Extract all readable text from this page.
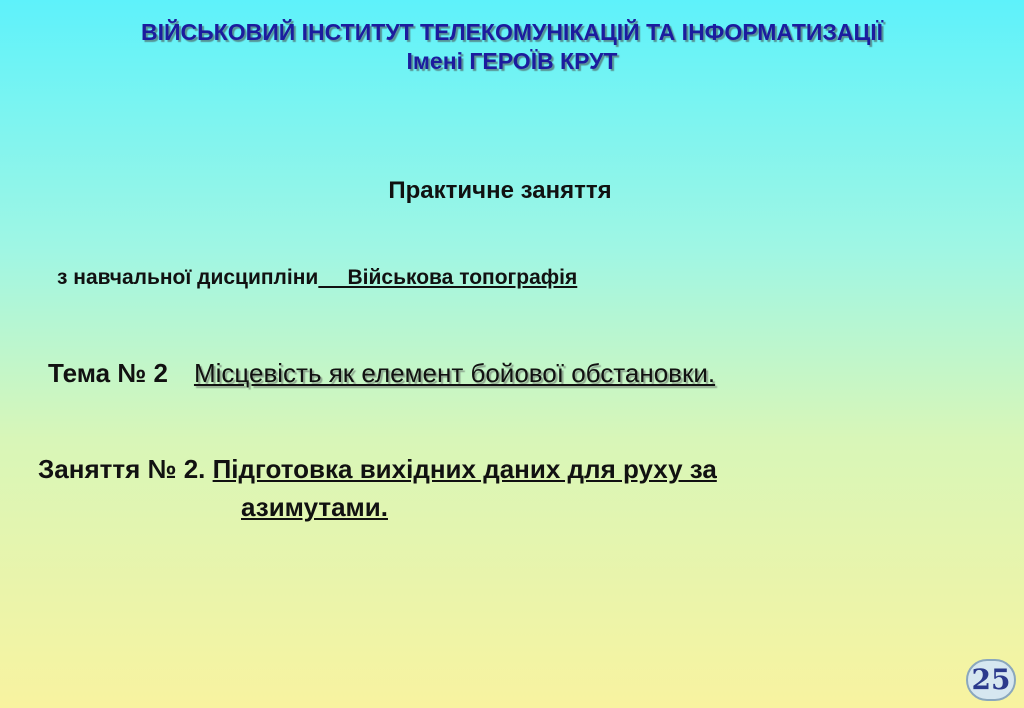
ВІЙСЬКОВИЙ ІНСТИТУТ ТЕЛЕКОМУНІКАЦІЙ ТА ІНФОРМАТИЗАЦІЇ
Імені ГЕРОЇВ КРУТ
Практичне заняття
з навчальної дисципліни     Військова топографія
Тема № 2 Місцевість як елемент бойової обстановки.
Заняття № 2. Підготовка вихідних даних для руху за
азимутами.
25
